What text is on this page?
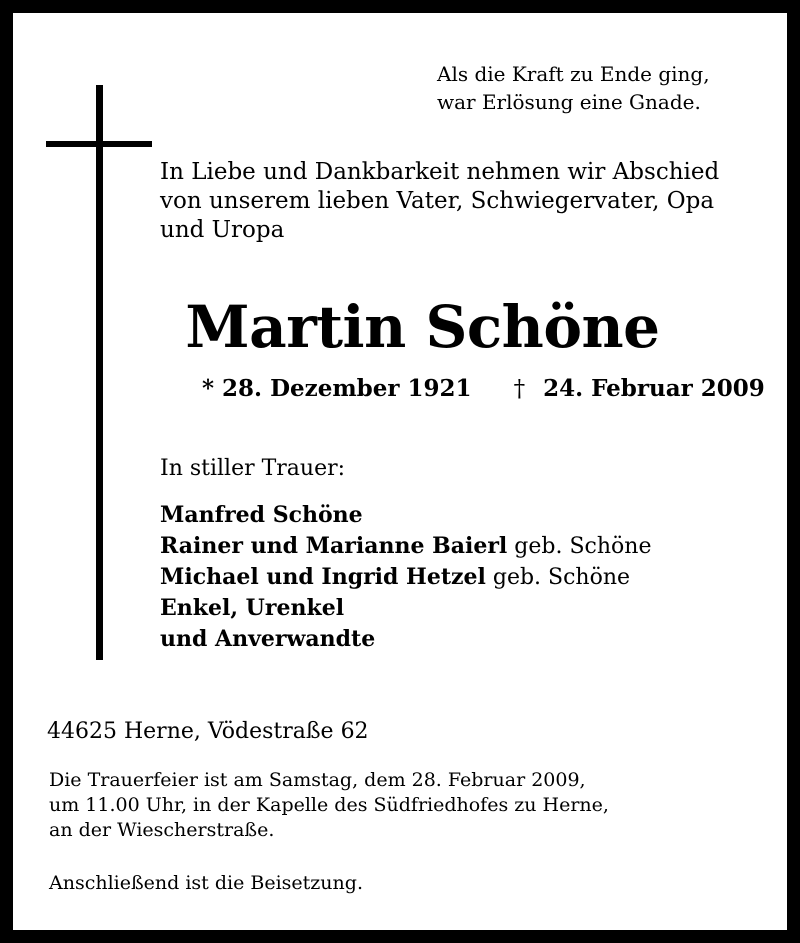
Als die Kraft zu Ende ging,
war Erlösung eine Gnade.
In Liebe und Dankbarkeit nehmen wir Abschied
von unserem lieben Vater, Schwiegervater, Opa
und Uropa
Martin Schöne
* 28. Dezember 1921 † 24. Februar 2009
In stiller Trauer:
Manfred Schöne
Rainer und Marianne Baierl geb. Schöne
Michael und Ingrid Hetzel geb. Schöne
Enkel, Urenkel
und Anverwandte
44625 Herne, Vödestraße 62
Die Trauerfeier ist am Samstag, dem 28. Februar 2009,
um 11.00 Uhr, in der Kapelle des Südfriedhofes zu Herne,
an der Wiescherstraße.
Anschließend ist die Beisetzung.
